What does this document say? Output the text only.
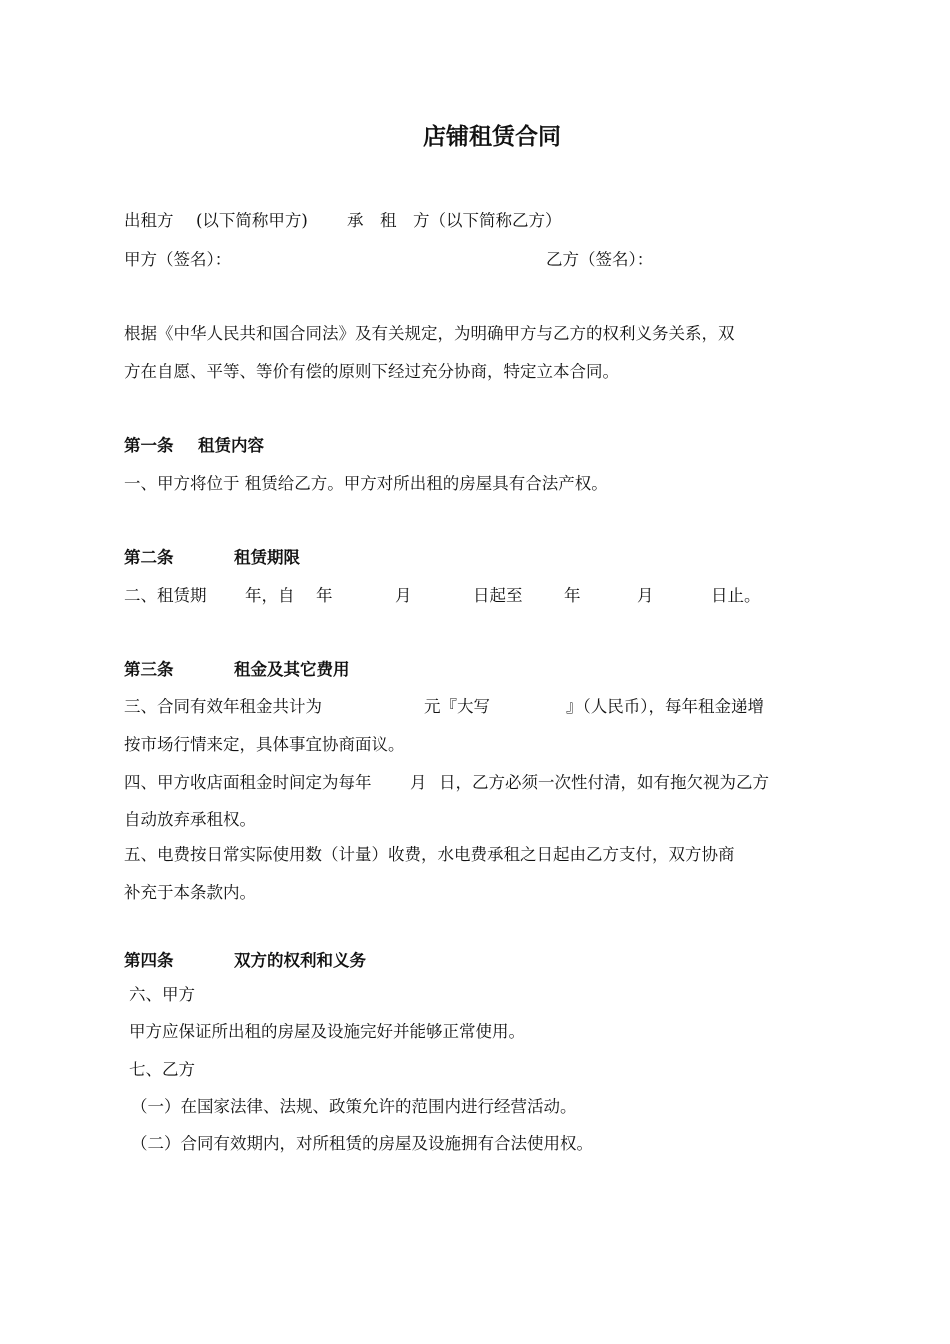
店铺租赁合同
出租方 (以下简称甲方) 承　租　方（以下简称乙方）
甲方（签名）：	乙方（签名）：
根据《中华人民共和国合同法》及有关规定，为明确甲方与乙方的权利义务关系，双
方在自愿、平等、等价有偿的原则下经过充分协商，特定立本合同。
第一条 租赁内容
一、甲方将位于 租赁给乙方。甲方对所出租的房屋具有合法产权。
第二条	租赁期限
二、租赁期 年，自 年	月	日起至	年	月	日止。
第三条	租金及其它费用
三、合同有效年租金共计为	元『大写	』（人民币），每年租金递增
按市场行情来定，具体事宜协商面议。
四、甲方收店面租金时间定为每年 月 日，乙方必须一次性付清，如有拖欠视为乙方
自动放弃承租权。
五、电费按日常实际使用数（计量）收费，水电费承租之日起由乙方支付，双方协商
补充于本条款内。
第四条	双方的权利和义务
六、甲方
甲方应保证所出租的房屋及设施完好并能够正常使用。
七、乙方
（一）在国家法律、法规、政策允许的范围内进行经营活动。
（二）合同有效期内，对所租赁的房屋及设施拥有合法使用权。
